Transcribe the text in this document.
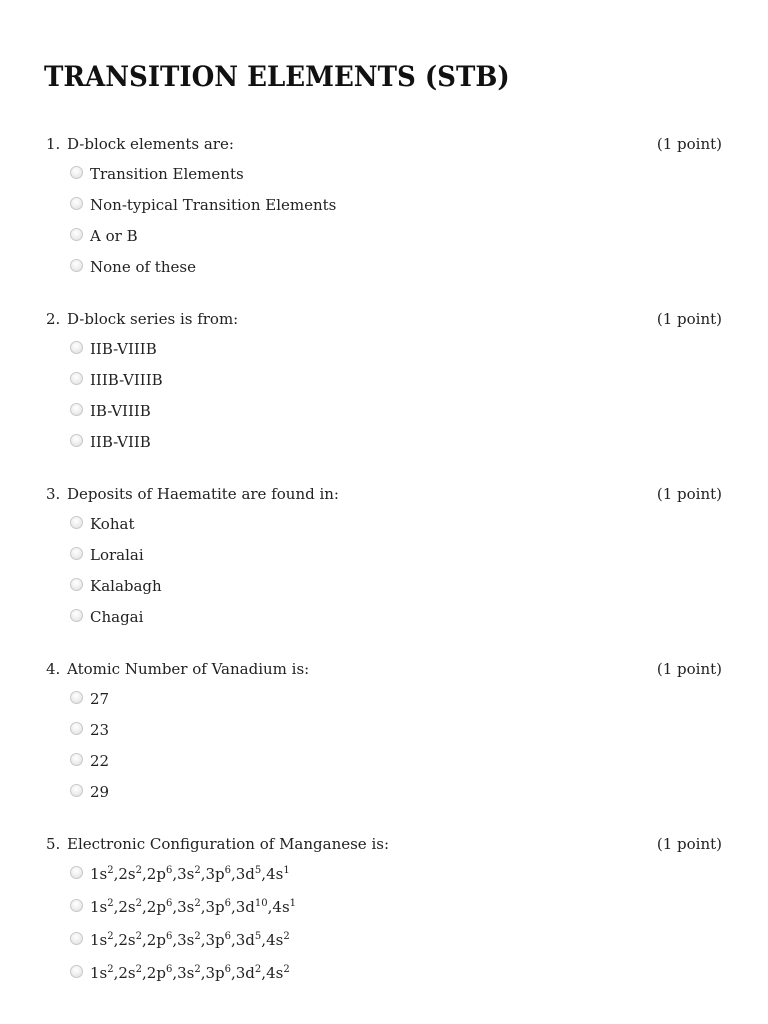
TRANSITION ELEMENTS (STB)
1. D-block elements are:	(1 point)
Transition Elements
Non-typical Transition Elements
A or B
None of these
2. D-block series is from:	(1 point)
IIB-VIIIB
IIIB-VIIIB
IB-VIIIB
IIB-VIIB
3. Deposits of Haematite are found in:	(1 point)
Kohat
Loralai
Kalabagh
Chagai
4. Atomic Number of Vanadium is:	(1 point)
27
23
22
29
5. Electronic Configuration of Manganese is:	(1 point)
$1s^2,2s^2,2p^6,3s^2,3p^6,3d^5,4s^1$
$1s^2,2s^2,2p^6,3s^2,3p^6,3d^{10},4s^1$
$1s^2,2s^2,2p^6,3s^2,3p^6,3d^5,4s^2$
$1s^2,2s^2,2p^6,3s^2,3p^6,3d^2,4s^2$
